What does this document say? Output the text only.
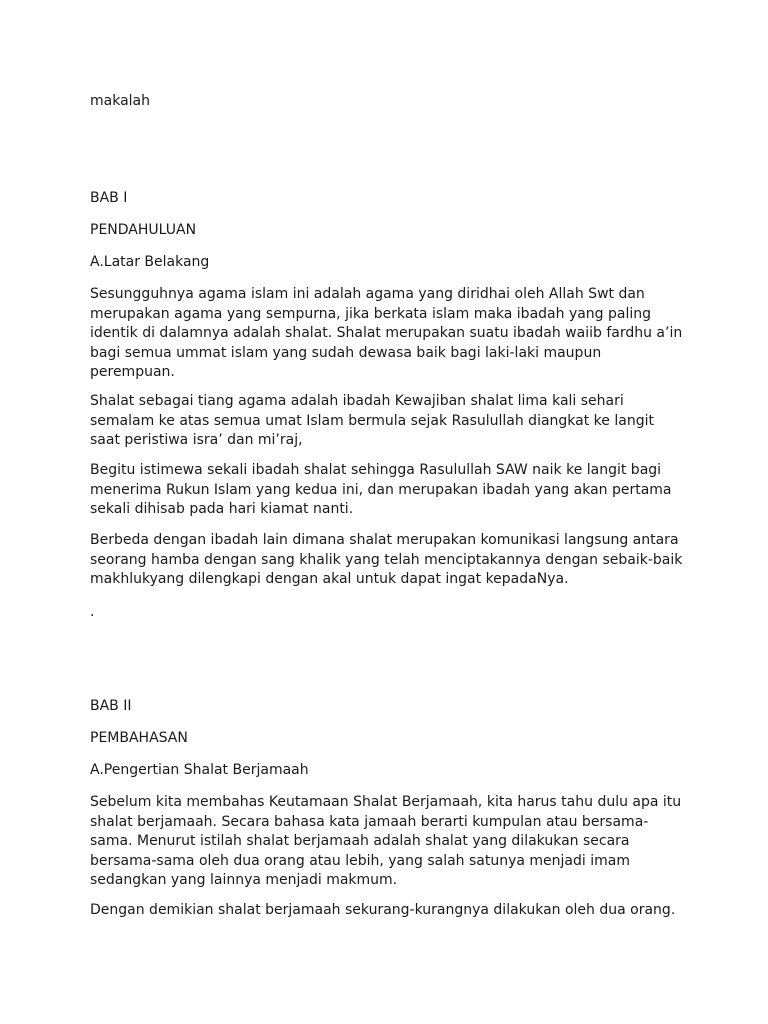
makalah

BAB I

PENDAHULUAN

A.Latar Belakang

Sesungguhnya agama islam ini adalah agama yang diridhai oleh Allah Swt dan
merupakan agama yang sempurna, jika berkata islam maka ibadah yang paling
identik di dalamnya adalah shalat. Shalat merupakan suatu ibadah waiib fardhu a’in
bagi semua ummat islam yang sudah dewasa baik bagi laki-laki maupun
perempuan.
Shalat sebagai tiang agama adalah ibadah Kewajiban shalat lima kali sehari
semalam ke atas semua umat Islam bermula sejak Rasulullah diangkat ke langit
saat peristiwa isra’ dan mi’raj,
Begitu istimewa sekali ibadah shalat sehingga Rasulullah SAW naik ke langit bagi
menerima Rukun Islam yang kedua ini, dan merupakan ibadah yang akan pertama
sekali dihisab pada hari kiamat nanti.
Berbeda dengan ibadah lain dimana shalat merupakan komunikasi langsung antara
seorang hamba dengan sang khalik yang telah menciptakannya dengan sebaik-baik
makhlukyang dilengkapi dengan akal untuk dapat ingat kepadaNya.

.

BAB II

PEMBAHASAN

A.Pengertian Shalat Berjamaah

Sebelum kita membahas Keutamaan Shalat Berjamaah, kita harus tahu dulu apa itu
shalat berjamaah. Secara bahasa kata jamaah berarti kumpulan atau bersama-
sama. Menurut istilah shalat berjamaah adalah shalat yang dilakukan secara
bersama-sama oleh dua orang atau lebih, yang salah satunya menjadi imam
sedangkan yang lainnya menjadi makmum.
Dengan demikian shalat berjamaah sekurang-kurangnya dilakukan oleh dua orang.
